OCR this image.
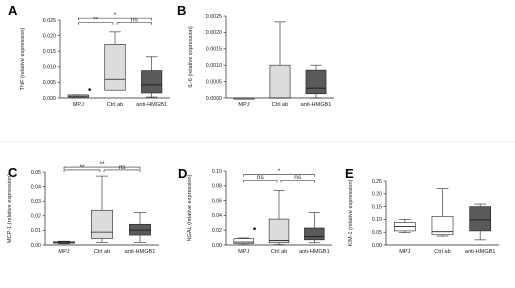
A
0.000
0.005
0.010
0.015
0.020
0.025
TNF (relative expression)
MPJ	Ctrl ab anti-HMGB1
**	ns
*	B
0.0000
0.0005
0.0010
0.0015
0.0020
0.0025
IL-6 (relative expression)
MPJ	Ctrl ab anti-HMGB1
C
0.00
0.01
0.02
0.03
0.04
0.05
MCP-1 (relative expression)
MPJ	Ctrl ab	anti-HMGB1
**	ns
**
D
0.00
0.02
0.04
0.06
0.08
0.10
NGAL (relative expression)
MPJ	Ctrl ab anti-HMGB1
ns	ns
*	E
0.00
0.05
0.10
0.15
0.20
0.25
KIM-1 (relative expression)
MPJ	Ctrl ab	anti-HMGB1
